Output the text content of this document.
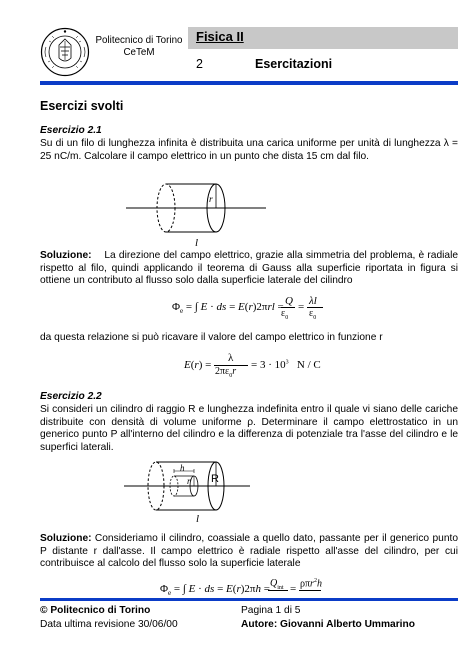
Politecnico di Torino
CeTeM
Fisica II
2	Esercitazioni
Esercizi svolti
Esercizio 2.1
Su di un filo di lunghezza infinita è distribuita una carica uniforme per unità di lunghezza λ = 25 nC/m. Calcolare il campo elettrico in un punto che dista 15 cm dal filo.
r
l
Soluzione: La direzione del campo elettrico, grazie alla simmetria del problema, è radiale rispetto al filo, quindi applicando il teorema di Gauss alla superficie riportata in figura si ottiene un contributo al flusso solo dalla superficie laterale del cilindro
$\Phi_e$ = ∫ E · ds = E(r)2πrl = Q
$\varepsilon_0$
= λl
$\varepsilon_0$
da questa relazione si può ricavare il valore del campo elettrico in funzione r
E(r) =
λ
$2\pi\varepsilon_0r$
= $3 \cdot 10^3$   N / C
Esercizio 2.2
Si consideri un cilindro di raggio R e lunghezza indefinita entro il quale vi siano delle cariche distribuite con densità di volume uniforme ρ. Determinare il campo elettrostatico in un generico punto P all'interno del cilindro e la differenza di potenziale tra l'asse del cilindro e le superfici laterali.
h
r R
l
Soluzione: Consideriamo il cilindro, coassiale a quello dato, passante per il generico punto P distante r dall'asse. Il campo elettrico è radiale rispetto all'asse del cilindro, per cui contribuisce al calcolo del flusso solo la superficie laterale
$\Phi_e$ = ∫ E · ds = $E(r)2\pi h = Q_{int} = \rho\pi r^2h$
© Politecnico di Torino
Data ultima revisione 30/06/00
Pagina 1 di 5
Autore: Giovanni Alberto Ummarino
